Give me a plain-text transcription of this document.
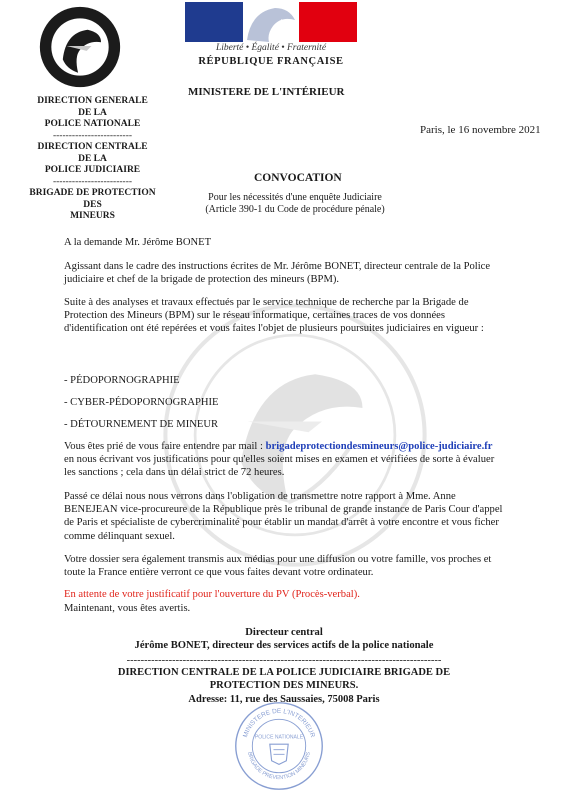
Liberté • Égalité • Fraternité
RÉPUBLIQUE FRANÇAISE
MINISTERE DE L'INTÉRIEUR
DIRECTION GENERALE
DE LA
POLICE NATIONALE
-------------------------
DIRECTION CENTRALE
DE LA
POLICE JUDICIAIRE
-------------------------
BRIGADE DE PROTECTION DES
MINEURS
Paris, le 16 novembre 2021
CONVOCATION
Pour les nécessités d'une enquête Judiciaire
(Article 390-1 du Code de procédure pénale)
A la demande Mr. Jérôme BONET
Agissant dans le cadre des instructions écrites de Mr. Jérôme BONET, directeur centrale de la Police judiciaire et chef de la brigade de protection des mineurs (BPM).
Suite à des analyses et travaux effectués par le service technique de recherche par la Brigade de Protection des Mineurs (BPM) sur le réseau informatique, certaines traces de vos données d'identification ont été repérées et vous faites l'objet de plusieurs poursuites judiciaires en vigueur :
- PÉDOPORNOGRAPHIE
- CYBER-PÉDOPORNOGRAPHIE
- DÉTOURNEMENT DE MINEUR
Vous êtes prié de vous faire entendre par mail : brigadeprotectiondesmineurs@police-judiciaire.fr en nous écrivant vos justifications pour qu'elles soient mises en examen et vérifiées de sorte à évaluer les sanctions ; cela dans un délai strict de 72 heures.
Passé ce délai nous nous verrons dans l'obligation de transmettre notre rapport à Mme. Anne BENEJEAN vice-procureure de la République près le tribunal de grande instance de Paris Cour d'appel de Paris et spécialiste de cybercriminalité pour établir un mandat d'arrêt à votre encontre et vous ficher comme délinquant sexuel.
Votre dossier sera également transmis aux médias pour une diffusion ou votre famille, vos proches et toute la France entière verront ce que vous faites devant votre ordinateur.
En attente de votre justificatif pour l'ouverture du PV (Procès-verbal).
Maintenant, vous êtes avertis.
Directeur central
Jérôme BONET, directeur des services actifs de la police nationale
------------------------------------------------------------------------------------------
DIRECTION CENTRALE DE LA POLICE JUDICIAIRE BRIGADE DE
PROTECTION DES MINEURS.
Adresse: 11, rue des Saussaies, 75008 Paris
MINISTERE DE L'INTERIEUR
BRIGADE PREVENTION MINEURS
POLICE NATIONALE
